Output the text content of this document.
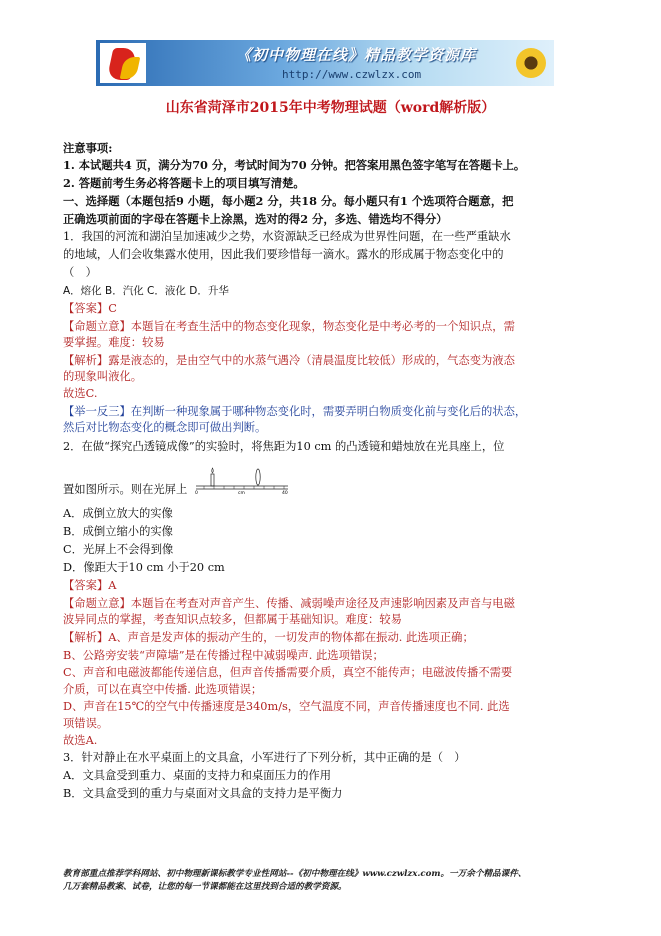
《初中物理在线》精品教学资源库
http://www.czwlzx.com
山东省菏泽市2015年中考物理试题（word解析版）
注意事项:
1. 本试题共4 页，满分为70 分，考试时间为70 分钟。把答案用黑色签字笔写在答题卡上。
2. 答题前考生务必将答题卡上的项目填写清楚。
一、选择题（本题包括9 小题，每小题2 分，共18 分。每小题只有1 个选项符合题意，把
正确选项前面的字母在答题卡上涂黑，选对的得2 分，多选、错选均不得分）
1．我国的河流和湖泊呈加速减少之势，水资源缺乏已经成为世界性问题，在一些严重缺水
的地域，人们会收集露水使用，因此我们要珍惜每一滴水。露水的形成属于物态变化中的
（　）
A．熔化 B．汽化 C．液化 D．升华
【答案】C
【命题立意】本题旨在考查生活中的物态变化现象，物态变化是中考必考的一个知识点，需
要掌握。难度：较易
【解析】露是液态的，是由空气中的水蒸气遇冷（清晨温度比较低）形成的，气态变为液态
的现象叫液化。
故选C.
【举一反三】在判断一种现象属于哪种物态变化时，需要弄明白物质变化前与变化后的状态，
然后对比物态变化的概念即可做出判断。
2．在做“探究凸透镜成像”的实验时，将焦距为10 cm 的凸透镜和蜡烛放在光具座上，位
置如图所示。则在光屏上 0	cm	40
A．成倒立放大的实像
B．成倒立缩小的实像
C．光屏上不会得到像
D．像距大于10 cm 小于20 cm
【答案】A
【命题立意】本题旨在考查对声音产生、传播、减弱噪声途径及声速影响因素及声音与电磁
波异同点的掌握，考查知识点较多，但都属于基础知识。难度：较易
【解析】A、声音是发声体的振动产生的，一切发声的物体都在振动. 此选项正确；
B、公路旁安装“声障墙”是在传播过程中减弱噪声. 此选项错误；
C、声音和电磁波都能传递信息，但声音传播需要介质，真空不能传声；电磁波传播不需要
介质，可以在真空中传播. 此选项错误；
D、声音在15℃的空气中传播速度是340m/s，空气温度不同，声音传播速度也不同. 此选
项错误。
故选A.
3．针对静止在水平桌面上的文具盒，小军进行了下列分析，其中正确的是（　）
A．文具盒受到重力、桌面的支持力和桌面压力的作用
B．文具盒受到的重力与桌面对文具盒的支持力是平衡力
教育部重点推荐学科网站、初中物理新课标教学专业性网站--《初中物理在线》www.czwlzx.com。一万余个精品课件、
几万套精品教案、试卷，让您的每一节课都能在这里找到合适的教学资源。
